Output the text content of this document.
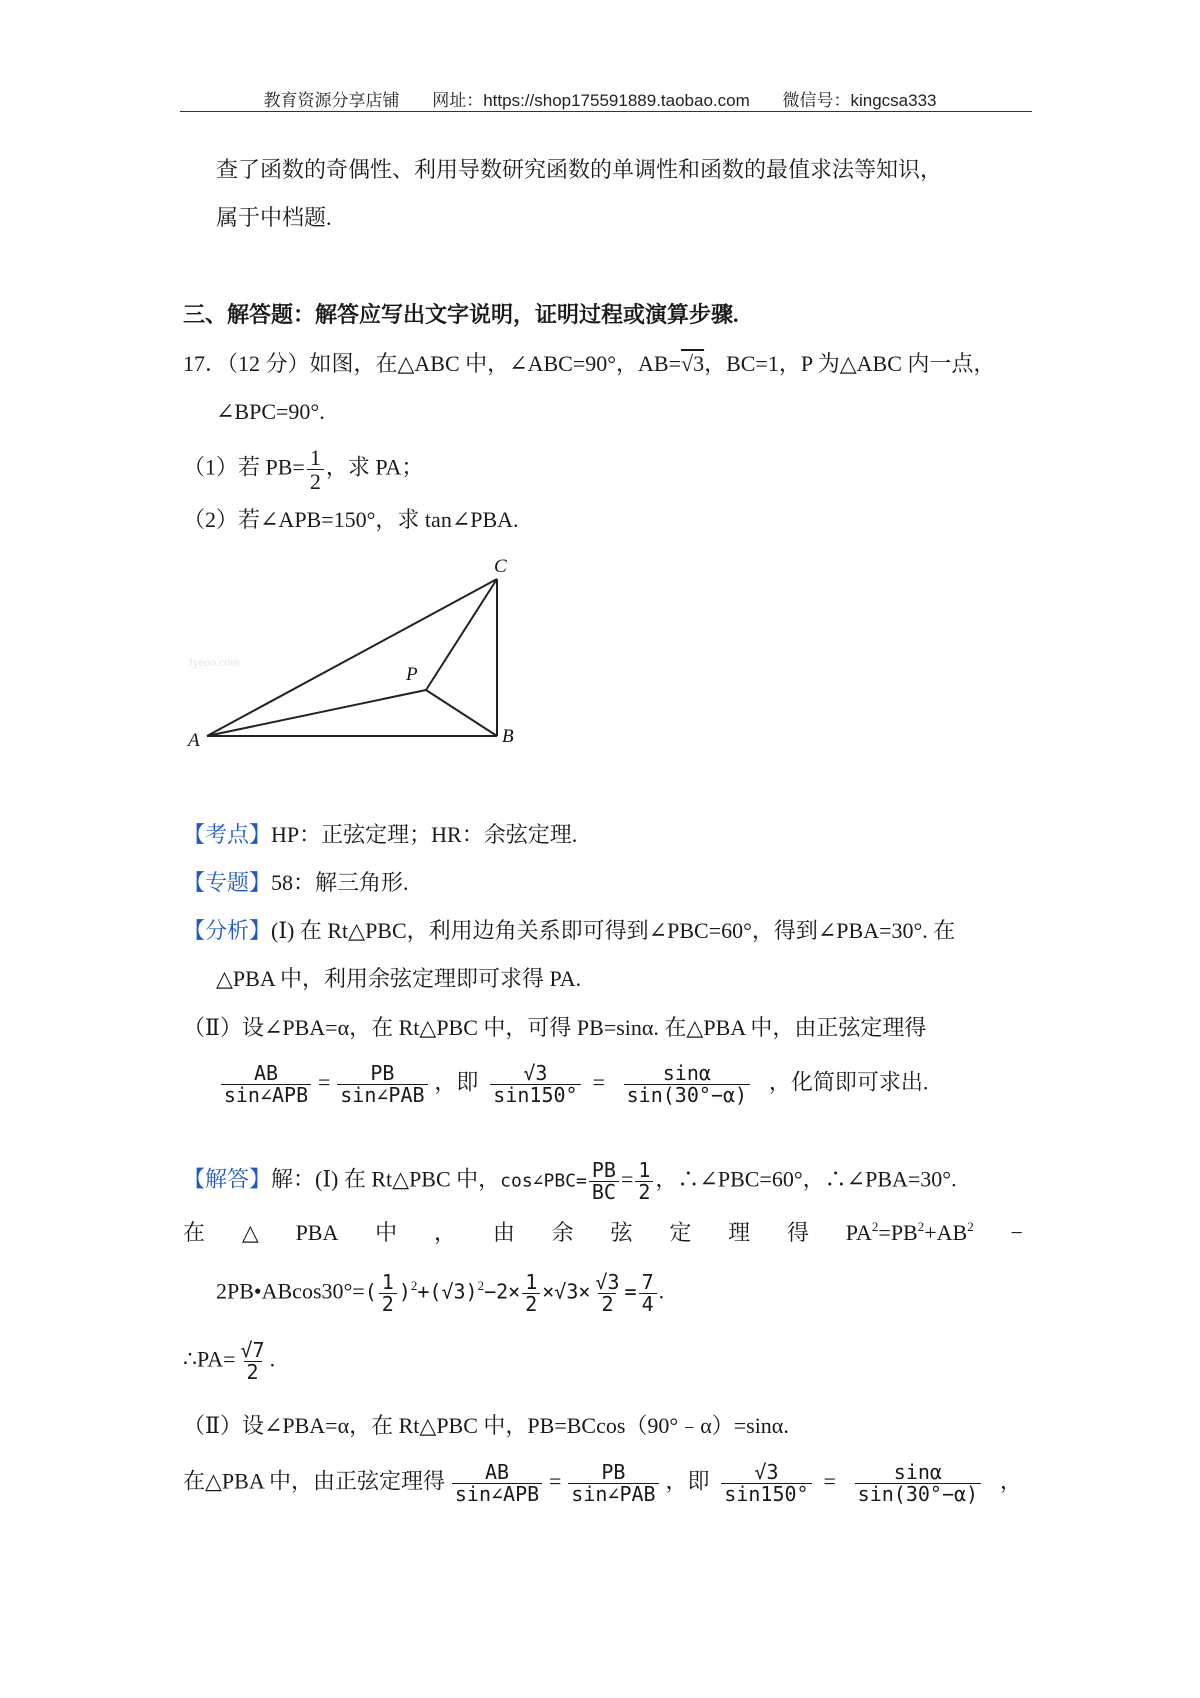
教育资源分享店铺 网址：https://shop175591889.taobao.com 微信号：kingcsa333
查了函数的奇偶性、利用导数研究函数的单调性和函数的最值求法等知识，
属于中档题.
三、解答题：解答应写出文字说明，证明过程或演算步骤.
17．（12 分）如图，在△ABC 中，∠ABC=90°，AB=√3，BC=1，P 为△ABC 内一点，
∠BPC=90°.
（1）若 $PB= \frac{1}{2}$ ，求 PA；
（2）若∠APB=150°，求 tan∠PBA.
A	B
C
P
Jyeoo.com
【考点】HP：正弦定理；HR：余弦定理.
【专题】58：解三角形.
【分析】(Ⅰ) 在 Rt△PBC，利用边角关系即可得到∠PBC=60°，得到∠PBA=30°. 在
△PBA 中，利用余弦定理即可求得 PA.
（Ⅱ）设∠PBA=α，在 Rt△PBC 中，可得 PB=sinα. 在△PBA 中，由正弦定理得
$\frac{AB}{\text{sin∠APB}} = \frac{PB}{\text{sin∠PAB}}$ ，即 $\frac{√3}{\sin 150^\circ} = \frac{\sin\alpha}{\sin(30^\circ-\alpha)}$ ，化简即可求出.
【解答】解：(Ⅰ) 在 Rt△PBC 中，cos∠PBC= $\frac{PB}{BC} = \frac{1}{2}$ ，∴∠PBC=60°，∴∠PBA=30°.
在 △ PBA 中 ， 由 余 弦 定 理 得 $PA^2=PB^2+AB^2$ −
2PB•ABcos30°=( $\frac{1}{2} )^2+(√3)^2-2\times \frac{1}{2} \times√3\times \frac{√3}{2} = \frac{7}{4}$ .
∴PA= $\frac{√7}{2}$ .
（Ⅱ）设∠PBA=α，在 Rt△PBC 中，PB=BCcos（90°﹣α）=sinα.
在△PBA 中，由正弦定理得 $\frac{AB}{\text{sin∠APB}} = \frac{PB}{\text{sin∠PAB}}$ ，即 $\frac{√3}{\sin 150^\circ} = \frac{\sin\alpha}{\sin(30^\circ-\alpha)}$ ，
